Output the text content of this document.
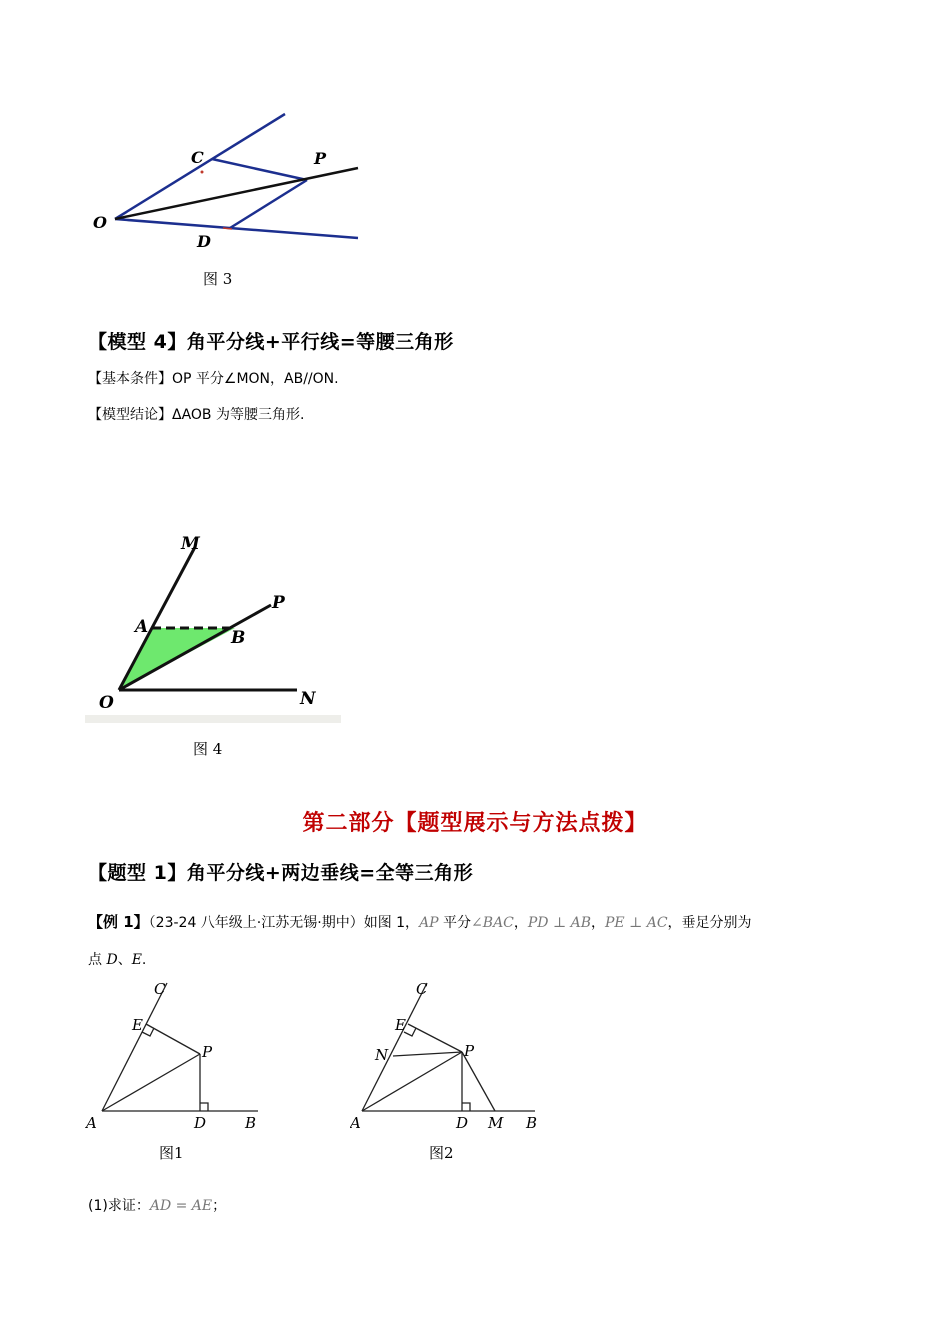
C	P
O
D
图 3
【模型 4】角平分线+平行线=等腰三角形
【基本条件】OP 平分∠MON，AB//ON.
【模型结论】ΔAOB 为等腰三角形.
M
P
A
B
O	N
图 4
第二部分【题型展示与方法点拨】
【题型 1】角平分线+两边垂线=全等三角形
【例 1】（23-24 八年级上·江苏无锡·期中）如图 1，AP 平分∠BAC，PD ⊥ AB，PE ⊥ AC，垂足分别为
点 D、E.
C
E
P
A	D	B
图1
C
E
N	P
A	D M B
图2
(1)求证：AD = AE；
